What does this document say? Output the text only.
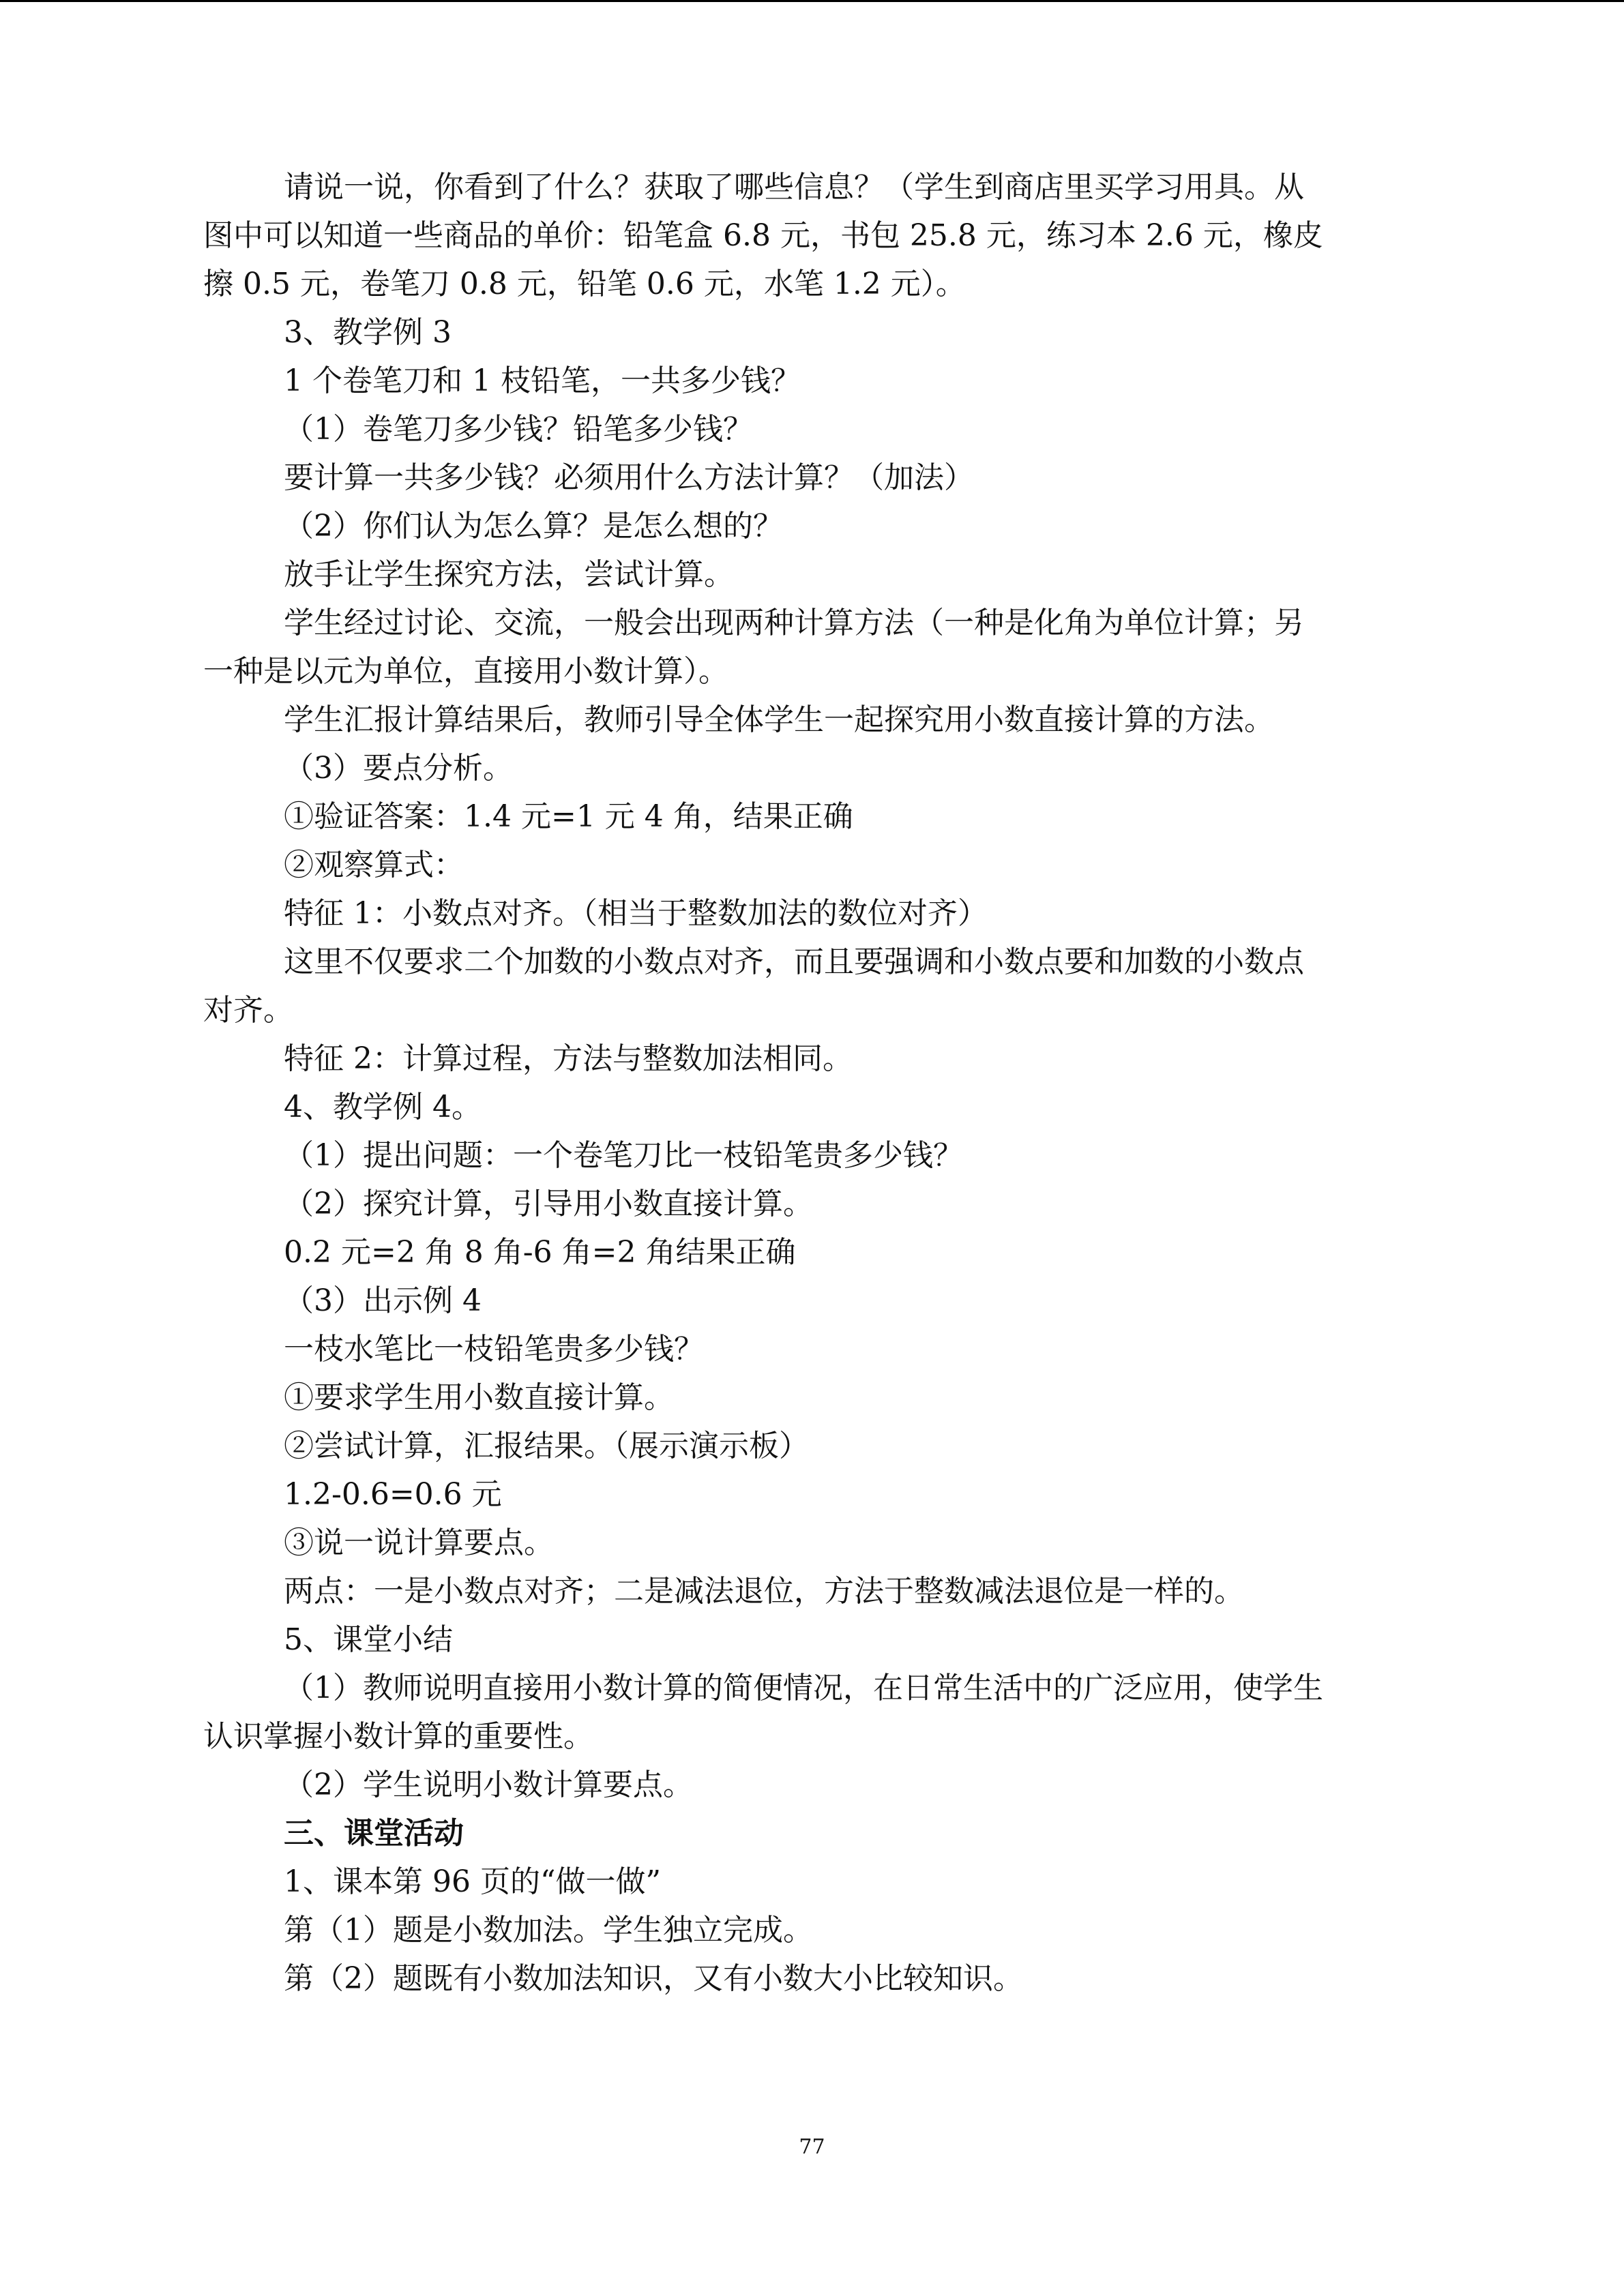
请说一说，你看到了什么？获取了哪些信息？（学生到商店里买学习用具。从

图中可以知道一些商品的单价：铅笔盒 6.8 元，书包 25.8 元，练习本 2.6 元，橡皮

擦 0.5 元，卷笔刀 0.8 元，铅笔 0.6 元，水笔 1.2 元）。

3、教学例 3

1 个卷笔刀和 1 枝铅笔，一共多少钱？

（1）卷笔刀多少钱？铅笔多少钱？

要计算一共多少钱？必须用什么方法计算？（加法）

（2）你们认为怎么算？是怎么想的？

放手让学生探究方法，尝试计算。

学生经过讨论、交流，一般会出现两种计算方法（一种是化角为单位计算；另

一种是以元为单位，直接用小数计算）。

学生汇报计算结果后，教师引导全体学生一起探究用小数直接计算的方法。

（3）要点分析。

①验证答案：1.4 元=1 元 4 角，结果正确

②观察算式：

特征 1：小数点对齐。（相当于整数加法的数位对齐）

这里不仅要求二个加数的小数点对齐，而且要强调和小数点要和加数的小数点

对齐。

特征 2：计算过程，方法与整数加法相同。

4、教学例 4。

（1）提出问题：一个卷笔刀比一枝铅笔贵多少钱？

（2）探究计算，引导用小数直接计算。

0.2 元=2 角 8 角-6 角=2 角结果正确

（3）出示例 4

一枝水笔比一枝铅笔贵多少钱？

①要求学生用小数直接计算。

②尝试计算，汇报结果。（展示演示板）

1.2-0.6=0.6 元

③说一说计算要点。

两点：一是小数点对齐；二是减法退位，方法于整数减法退位是一样的。

5、课堂小结

（1）教师说明直接用小数计算的简便情况，在日常生活中的广泛应用，使学生

认识掌握小数计算的重要性。

（2）学生说明小数计算要点。

三、课堂活动

1、课本第 96 页的“做一做”

第（1）题是小数加法。学生独立完成。

第（2）题既有小数加法知识，又有小数大小比较知识。

77
